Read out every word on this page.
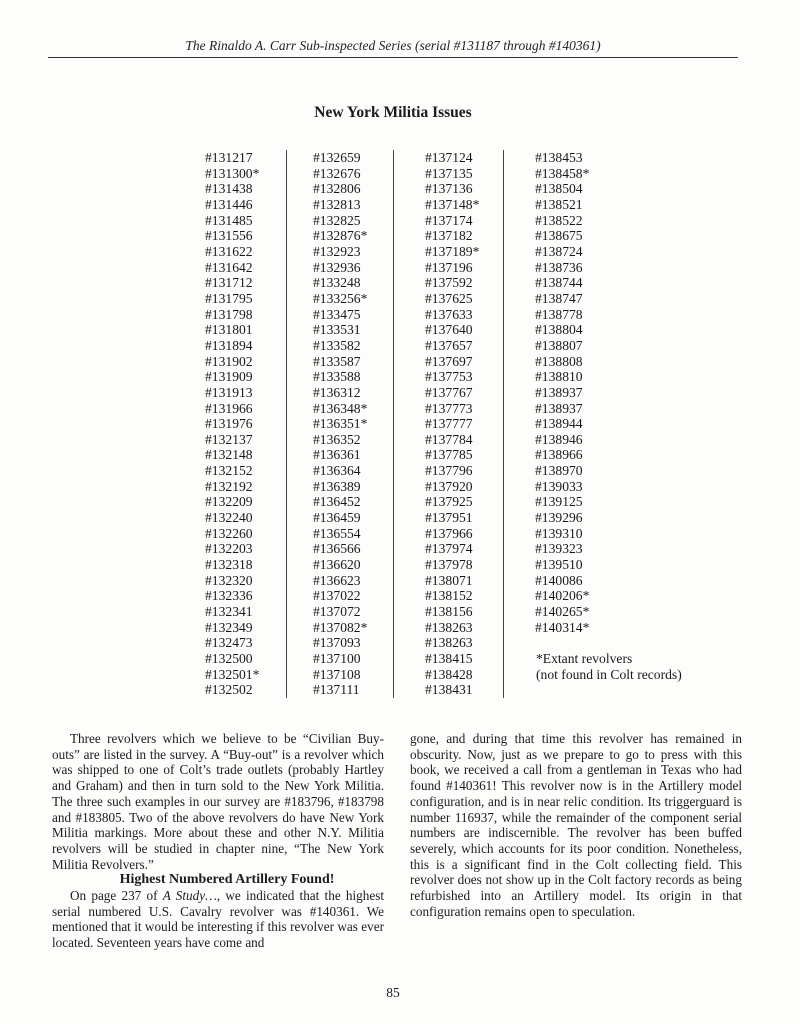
The Rinaldo A. Carr Sub-inspected Series (serial #131187 through #140361)
New York Militia Issues
#131217
#131300*
#131438
#131446
#131485
#131556
#131622
#131642
#131712
#131795
#131798
#131801
#131894
#131902
#131909
#131913
#131966
#131976
#132137
#132148
#132152
#132192
#132209
#132240
#132260
#132203
#132318
#132320
#132336
#132341
#132349
#132473
#132500
#132501*
#132502
#132659
#132676
#132806
#132813
#132825
#132876*
#132923
#132936
#133248
#133256*
#133475
#133531
#133582
#133587
#133588
#136312
#136348*
#136351*
#136352
#136361
#136364
#136389
#136452
#136459
#136554
#136566
#136620
#136623
#137022
#137072
#137082*
#137093
#137100
#137108
#137111
#137124
#137135
#137136
#137148*
#137174
#137182
#137189*
#137196
#137592
#137625
#137633
#137640
#137657
#137697
#137753
#137767
#137773
#137777
#137784
#137785
#137796
#137920
#137925
#137951
#137966
#137974
#137978
#138071
#138152
#138156
#138263
#138263
#138415
#138428
#138431
#138453
#138458*
#138504
#138521
#138522
#138675
#138724
#138736
#138744
#138747
#138778
#138804
#138807
#138808
#138810
#138937
#138937
#138944
#138946
#138966
#138970
#139033
#139125
#139296
#139310
#139323
#139510
#140086
#140206*
#140265*
#140314*
*Extant revolvers
(not found in Colt records)

Three revolvers which we believe to be “Civilian Buy-outs” are listed in the survey. A “Buy-out” is a revolver which was shipped to one of Colt’s trade outlets (probably Hartley and Graham) and then in turn sold to the New York Militia. The three such examples in our survey are #183796, #183798 and #183805. Two of the above revolvers do have New York Militia markings. More about these and other N.Y. Militia revolvers will be studied in chapter nine, “The New York Militia Revolvers.”

Highest Numbered Artillery Found!

On page 237 of A Study…, we indicated that the highest serial numbered U.S. Cavalry revolver was #140361. We mentioned that it would be interesting if this revolver was ever located. Seventeen years have come and

gone, and during that time this revolver has remained in obscurity. Now, just as we prepare to go to press with this book, we received a call from a gentleman in Texas who had found #140361! This revolver now is in the Artillery model configuration, and is in near relic condition. Its triggerguard is number 116937, while the remainder of the component serial numbers are indiscernible. The revolver has been buffed severely, which accounts for its poor condition. Nonetheless, this is a significant find in the Colt collecting field. This revolver does not show up in the Colt factory records as being refurbished into an Artillery model. Its origin in that configuration remains open to speculation.

85
